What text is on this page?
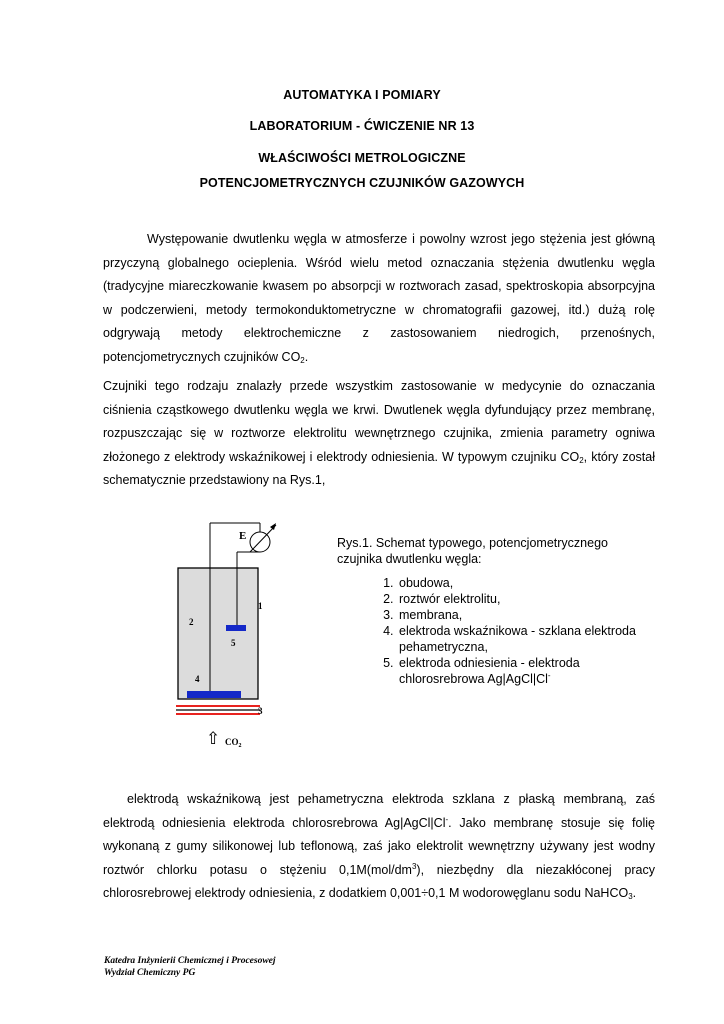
AUTOMATYKA I POMIARY
LABORATORIUM - ĆWICZENIE NR 13
WŁAŚCIWOŚCI METROLOGICZNE
POTENCJOMETRYCZNYCH CZUJNIKÓW GAZOWYCH

Występowanie dwutlenku węgla w atmosferze i powolny wzrost jego stężenia jest główną przyczyną globalnego ocieplenia. Wśród wielu metod oznaczania stężenia dwutlenku węgla (tradycyjne miareczkowanie kwasem po absorpcji w roztworach zasad, spektroskopia absorpcyjna w podczerwieni, metody termokonduktometryczne w chromatografii gazowej, itd.) dużą rolę odgrywają metody elektrochemiczne z zastosowaniem niedrogich, przenośnych, potencjometrycznych czujników $CO_2$.

Czujniki tego rodzaju znalazły przede wszystkim zastosowanie w medycynie do oznaczania ciśnienia cząstkowego dwutlenku węgla we krwi. Dwutlenek węgla dyfundujący przez membranę, rozpuszczając się w roztworze elektrolitu wewnętrznego czujnika, zmienia parametry ogniwa złożonego z elektrody wskaźnikowej i elektrody odniesienia. W typowym czujniku $CO_2$, który został schematycznie przedstawiony na Rys.1,

E
1
2
5
4
3
⇧ $CO_2$
Rys.1. Schemat typowego, potencjometrycznego
czujnika dwutlenku węgla:
1. obudowa,
2. roztwór elektrolitu,
3. membrana,
4. elektroda wskaźnikowa - szklana elektroda pehametryczna,
5. elektroda odniesienia - elektroda chlorosrebrowa Ag|AgCl|Cl-

elektrodą wskaźnikową jest pehametryczna elektroda szklana z płaską membraną, zaś elektrodą odniesienia elektroda chlorosrebrowa Ag|AgCl|Cl-. Jako membranę stosuje się folię wykonaną z gumy silikonowej lub teflonową, zaś jako elektrolit wewnętrzny używany jest wodny roztwór chlorku potasu o stężeniu $0,1M(mol/dm^3)$, niezbędny dla niezakłóconej pracy chlorosrebrowej elektrody odniesienia, z dodatkiem 0,001÷0,1 M wodorowęglanu sodu NaHCO$_3$.

Katedra Inżynierii Chemicznej i Procesowej
Wydział Chemiczny PG
